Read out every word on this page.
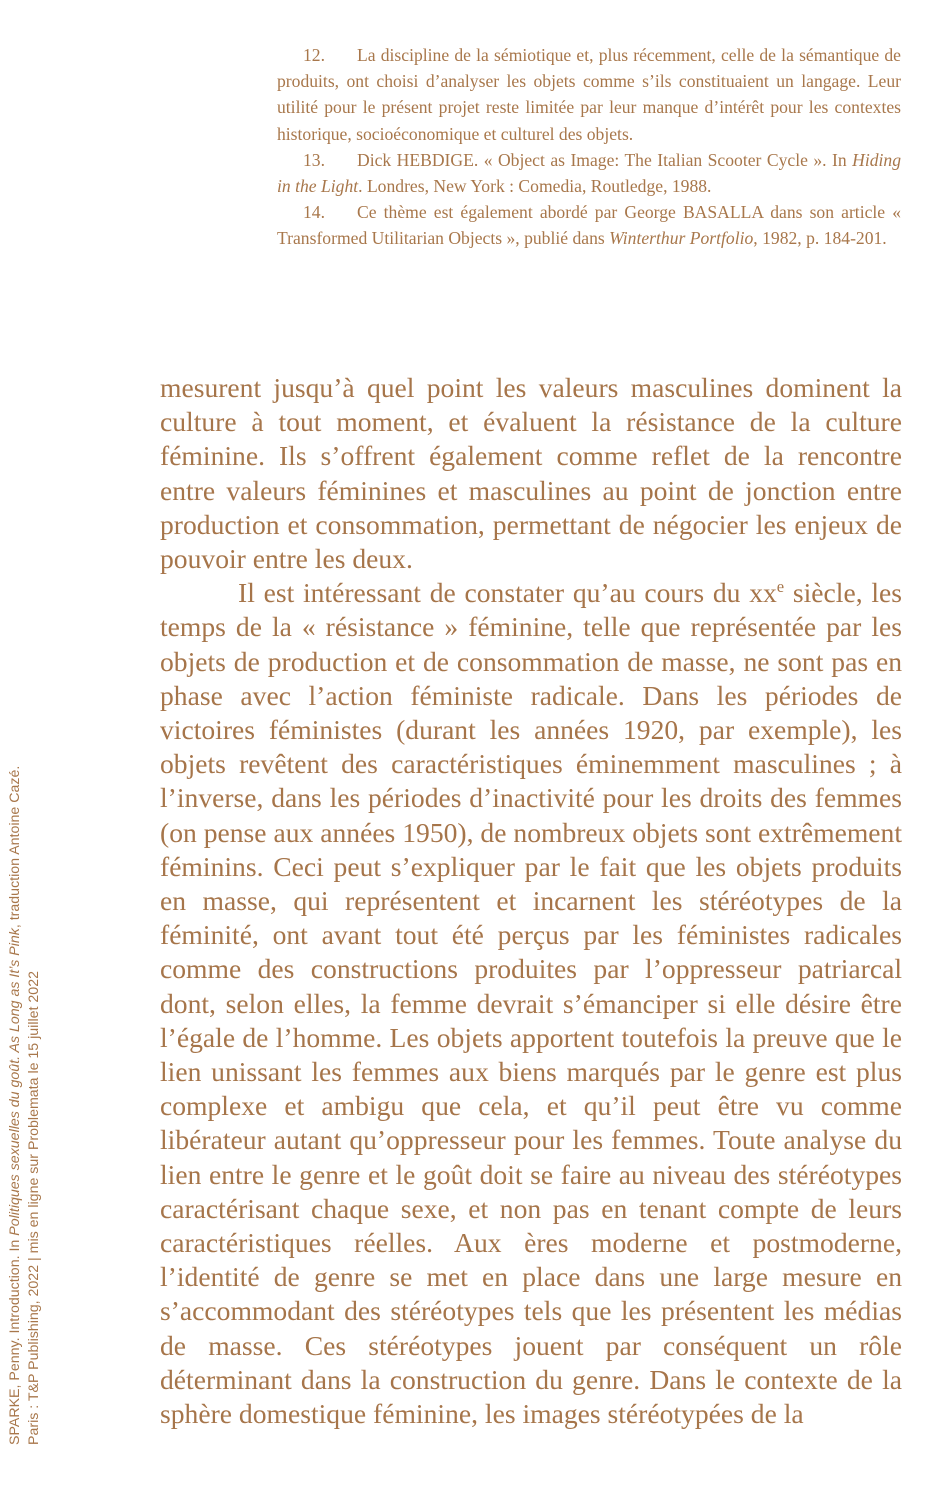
12. La discipline de la sémiotique et, plus récemment, celle de la sémantique de produits, ont choisi d’analyser les objets comme s’ils constituaient un langage. Leur utilité pour le présent projet reste limitée par leur manque d’intérêt pour les contextes historique, socioéconomique et culturel des objets.

13. Dick HEBDIGE. « Object as Image: The Italian Scooter Cycle ». In Hiding in the Light. Londres, New York : Comedia, Routledge, 1988.

14. Ce thème est également abordé par George BASALLA dans son article « Transformed Utilitarian Objects », publié dans Winterthur Portfolio, 1982, p. 184-201.

mesurent jusqu’à quel point les valeurs masculines dominent la culture à tout moment, et évaluent la résistance de la culture féminine. Ils s’offrent également comme reflet de la rencontre entre valeurs féminines et masculines au point de jonction entre production et consommation, permettant de négocier les enjeux de pouvoir entre les deux.

Il est intéressant de constater qu’au cours du $xx^e$ siècle, les temps de la « résistance » féminine, telle que représentée par les objets de production et de consommation de masse, ne sont pas en phase avec l’action féministe radicale. Dans les périodes de victoires féministes (durant les années 1920, par exemple), les objets revêtent des caractéristiques éminemment masculines ; à l’inverse, dans les périodes d’inactivité pour les droits des femmes (on pense aux années 1950), de nombreux objets sont extrêmement féminins. Ceci peut s’expliquer par le fait que les objets produits en masse, qui représentent et incarnent les stéréotypes de la féminité, ont avant tout été perçus par les féministes radicales comme des constructions produites par l’oppresseur patriarcal dont, selon elles, la femme devrait s’émanciper si elle désire être l’égale de l’homme. Les objets apportent toutefois la preuve que le lien unissant les femmes aux biens marqués par le genre est plus complexe et ambigu que cela, et qu’il peut être vu comme libérateur autant qu’oppresseur pour les femmes. Toute analyse du lien entre le genre et le goût doit se faire au niveau des stéréotypes caractérisant chaque sexe, et non pas en tenant compte de leurs caractéristiques réelles. Aux ères moderne et postmoderne, l’identité de genre se met en place dans une large mesure en s’accommodant des stéréotypes tels que les présentent les médias de masse. Ces stéréotypes jouent par conséquent un rôle déterminant dans la construction du genre. Dans le contexte de la sphère domestique féminine, les images stéréotypées de la

SPARKE, Penny. Introduction. In Politiques sexuelles du goût. As Long as It’s Pink, traduction Antoine Cazé.
Paris : T&P Publishing, 2022 | mis en ligne sur Problemata le 15 juillet 2022
